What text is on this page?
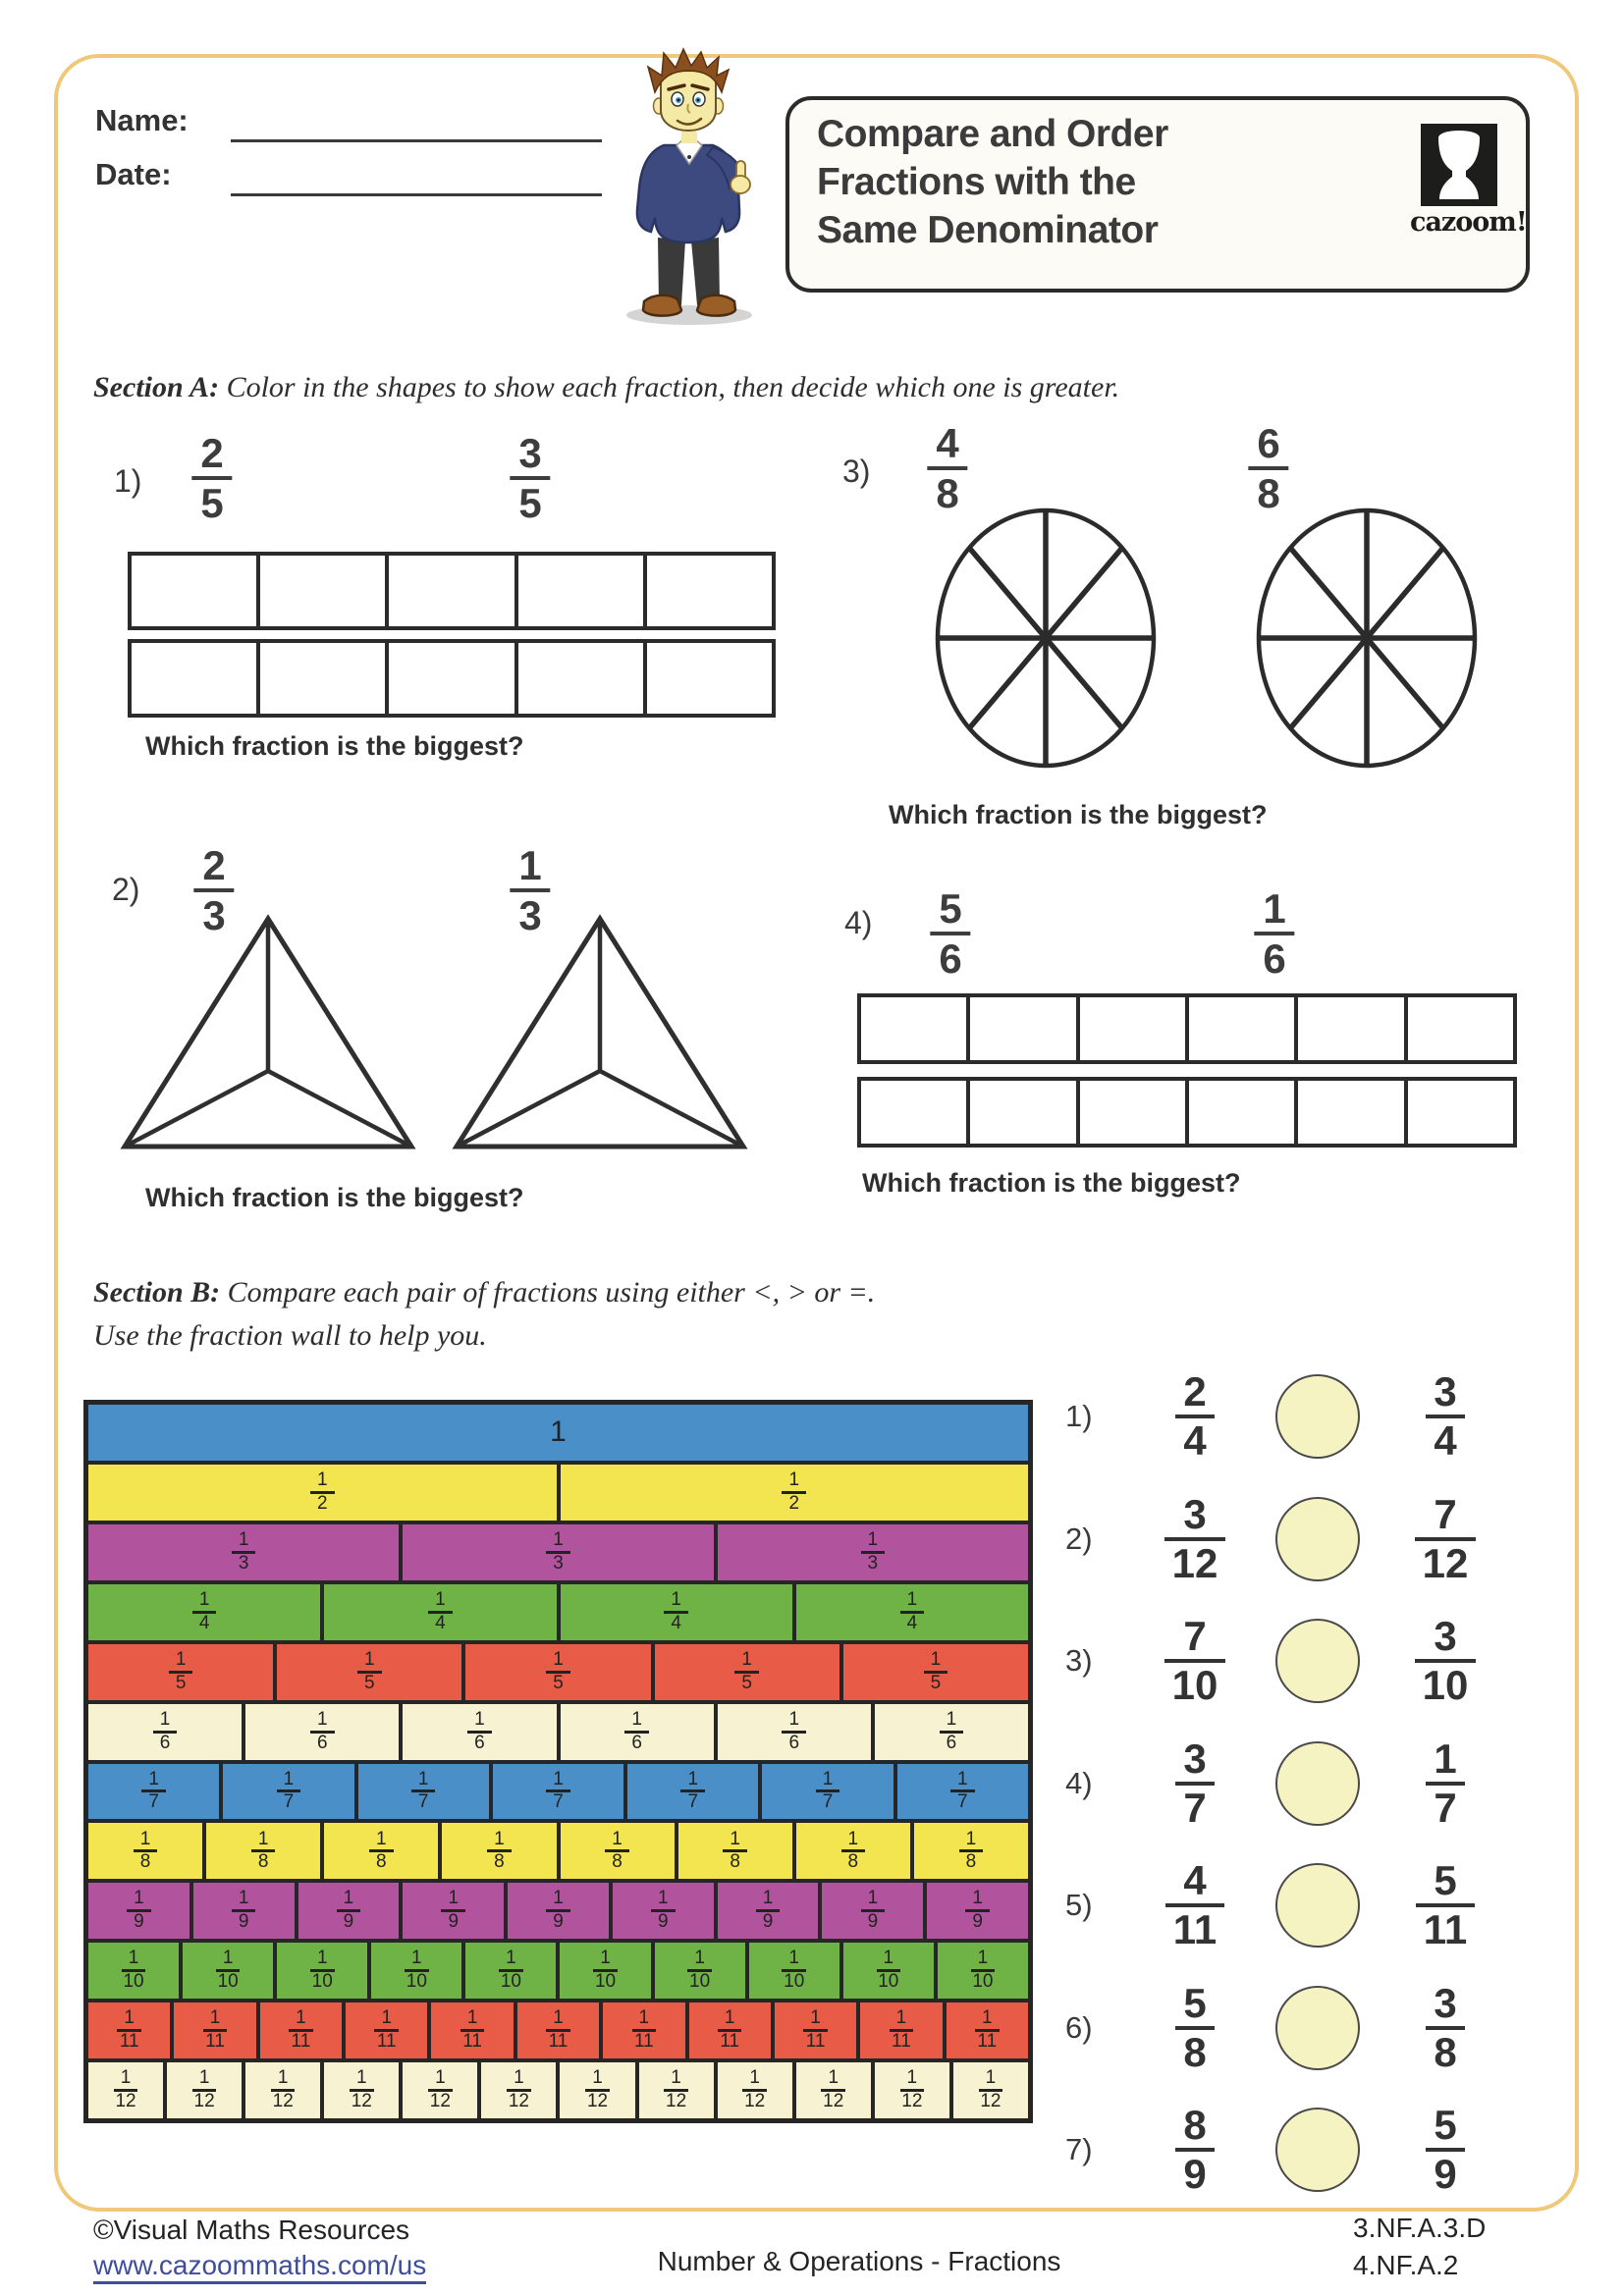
Name:
Date:
Compare and Order
Fractions with the
Same Denominator	cazoom!
Section A: Color in the shapes to show each fraction, then decide which one is greater.
$1) \frac{2}{5}$	$\frac{3}{5}$
Which fraction is the biggest?
$3) \frac{4}{8}$	$\frac{6}{8}$
Which fraction is the biggest?
$2) \frac{2}{3}$	$\frac{1}{3}$
Which fraction is the biggest?
$4) \frac{5}{6}$	$\frac{1}{6}$
Which fraction is the biggest?
Section B: Compare each pair of fractions using either <, > or =.
Use the fraction wall to help you.
1
$\frac{1}{2}$	$\frac{1}{2}$
$\frac{1}{3}$	$\frac{1}{3}$	$\frac{1}{3}$
$\frac{1}{4}$	$\frac{1}{4}$	$\frac{1}{4}$	$\frac{1}{4}$
$\frac{1}{5}$	$\frac{1}{5}$	$\frac{1}{5}$	$\frac{1}{5}$	$\frac{1}{5}$
$\frac{1}{6}$	$\frac{1}{6}$	$\frac{1}{6}$	$\frac{1}{6}$	$\frac{1}{6}$	$\frac{1}{6}$
$\frac{1}{7}$	$\frac{1}{7}$	$\frac{1}{7}$	$\frac{1}{7}$	$\frac{1}{7}$	$\frac{1}{7}$	$\frac{1}{7}$
$\frac{1}{8}$	$\frac{1}{8}$	$\frac{1}{8}$	$\frac{1}{8}$	$\frac{1}{8}$	$\frac{1}{8}$	$\frac{1}{8}$	$\frac{1}{8}$
$\frac{1}{9}$	$\frac{1}{9}$	$\frac{1}{9}$	$\frac{1}{9}$	$\frac{1}{9}$	$\frac{1}{9}$	$\frac{1}{9}$	$\frac{1}{9}$	$\frac{1}{9}$
$\frac{1}{10}$	$\frac{1}{10}$	$\frac{1}{10}$	$\frac{1}{10}$	$\frac{1}{10}$	$\frac{1}{10}$	$\frac{1}{10}$	$\frac{1}{10}$	$\frac{1}{10}$	$\frac{1}{10}$
$\frac{1}{11}$	$\frac{1}{11}$	$\frac{1}{11}$	$\frac{1}{11}$	$\frac{1}{11}$	$\frac{1}{11}$	$\frac{1}{11}$	$\frac{1}{11}$	$\frac{1}{11}$	$\frac{1}{11}$	$\frac{1}{11}$
$\frac{1}{12}$	$\frac{1}{12}$	$\frac{1}{12}$	$\frac{1}{12}$	$\frac{1}{12}$	$\frac{1}{12}$	$\frac{1}{12}$	$\frac{1}{12}$	$\frac{1}{12}$	$\frac{1}{12}$	$\frac{1}{12}$	$\frac{1}{12}$
1)	$\frac{2}{4}$	$\frac{3}{4}$
2)	$\frac{3}{12}$	$\frac{7}{12}$
3)	$\frac{7}{10}$	$\frac{3}{10}$
4)	$\frac{3}{7}$	$\frac{1}{7}$
5)	$\frac{4}{11}$	$\frac{5}{11}$
6)	$\frac{5}{8}$	$\frac{3}{8}$
7)	$\frac{8}{9}$	$\frac{5}{9}$
©Visual Maths Resources
www.cazoommaths.com/us	Number & Operations - Fractions
3.NF.A.3.D
4.NF.A.2
